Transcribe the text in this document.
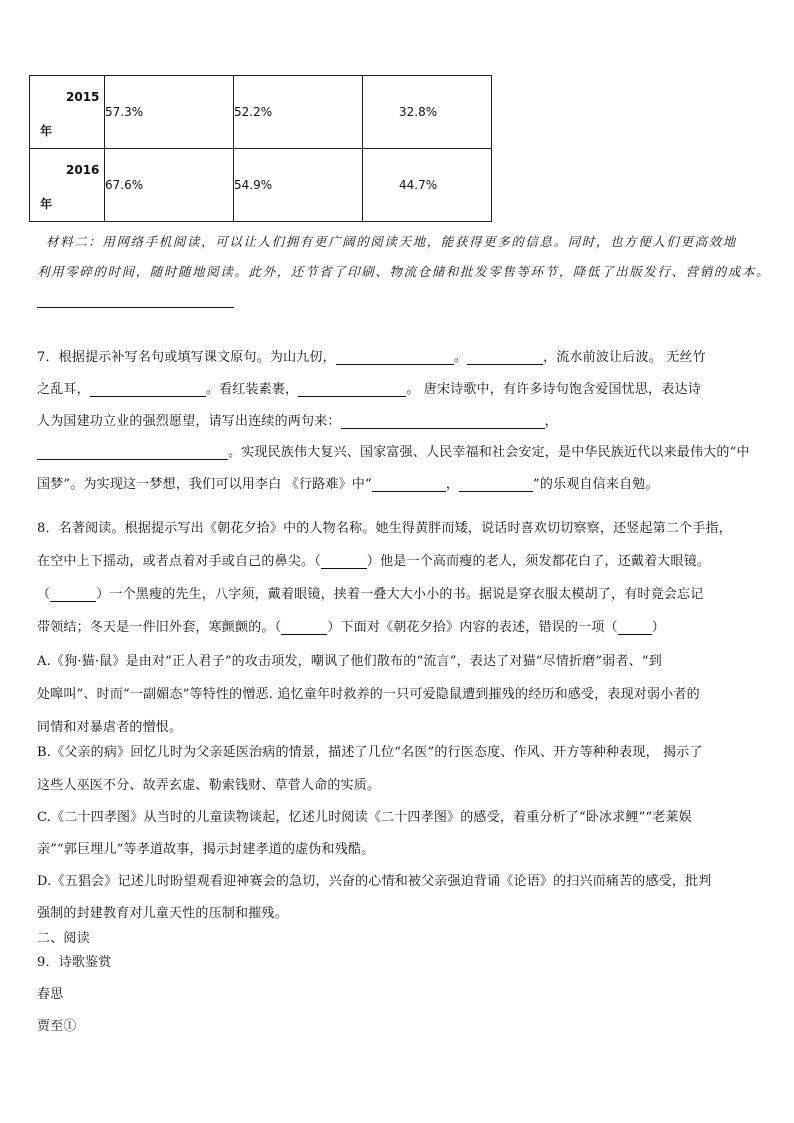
2015
年	57.3%	52.2%	32.8%

2016
年	67.6%	54.9%	44.7%
材料二：用网络手机阅读，可以让人们拥有更广阔的阅读天地，能获得更多的信息。同时，也方便人们更高效地
利用零碎的时间，随时随地阅读。此外，还节省了印刷、物流仓储和批发零售等环节，降低了出版发行、营销的成本。
7．根据提示补写名句或填写课文原句。为山九仞，	。	，流水前波让后波。 无丝竹
之乱耳，	。看红装素裹，	。 唐宋诗歌中，有许多诗句饱含爱国忧思，表达诗
人为国建功立业的强烈愿望，请写出连续的两句来：	，
。实现民族伟大复兴、国家富强、人民幸福和社会安定，是中华民族近代以来最伟大的“中
国梦”。为实现这一梦想，我们可以用李白 《行路难》中“	，	”的乐观自信来自勉。
8．名著阅读。根据提示写出《朝花夕拾》中的人物名称。她生得黄胖而矮，说话时喜欢切切察察，还竖起第二个手指，
在空中上下摇动，或者点着对手或自己的鼻尖。（	）他是一个高而瘦的老人，须发都花白了，还戴着大眼镜。
（	）一个黑瘦的先生，八字须，戴着眼镜，挟着一叠大大小小的书。据说是穿衣服太模胡了，有时竟会忘记
带领结；冬天是一件旧外套，寒颤颤的。（	）下面对《朝花夕拾》内容的表述，错误的一项（	）
A.《狗·猫·鼠》是由对“正人君子”的攻击项发，嘲讽了他们散布的“流言”，表达了对猫“尽情折磨”弱者、“到
处嗥叫”、时而“一副媚态”等特性的憎恶. 追忆童年时救养的一只可爱隐鼠遭到摧残的经历和感受，表现对弱小者的
同情和对暴虐者的憎恨。
B.《父亲的病》回忆儿时为父亲延医治病的情景，描述了几位“名医”的行医态度、作风、开方等种种表现， 揭示了
这些人巫医不分、故弄玄虚、勒索钱财、草菅人命的实质。
C.《二十四孝图》从当时的儿童读物谈起，忆述儿时阅读《二十四孝图》的感受，着重分析了“卧冰求鲤”“老莱娱
亲”“郭巨埋儿”等孝道故事，揭示封建孝道的虚伪和残酷。
D.《五猖会》记述儿时盼望观看迎神赛会的急切，兴奋的心情和被父亲强迫背诵《论语》的扫兴而痛苦的感受，批判
强制的封建教育对儿童天性的压制和摧残。
二、阅读
9．诗歌鉴赏
春思
贾至①
